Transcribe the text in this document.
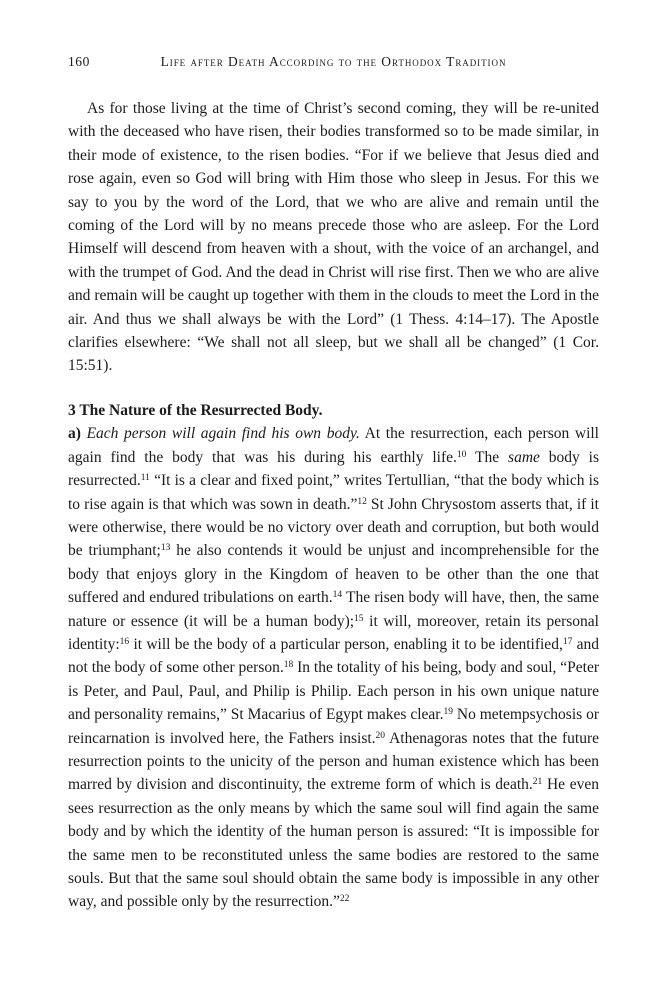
160	Life after Death According to the Orthodox Tradition

As for those living at the time of Christ’s second coming, they will be re-united with the deceased who have risen, their bodies transformed so to be made similar, in their mode of existence, to the risen bodies. “For if we believe that Jesus died and rose again, even so God will bring with Him those who sleep in Jesus. For this we say to you by the word of the Lord, that we who are alive and remain until the coming of the Lord will by no means precede those who are asleep. For the Lord Himself will descend from heaven with a shout, with the voice of an archangel, and with the trumpet of God. And the dead in Christ will rise first. Then we who are alive and remain will be caught up together with them in the clouds to meet the Lord in the air. And thus we shall always be with the Lord” (1 Thess. 4:14–17). The Apostle clarifies elsewhere: “We shall not all sleep, but we shall all be changed” (1 Cor. 15:51).

3 The Nature of the Resurrected Body.

a) Each person will again find his own body. At the resurrection, each person will again find the body that was his during his earthly life.$^{10}$ The same body is resurrected.$^{11}$ “It is a clear and fixed point,” writes Tertullian, “that the body which is to rise again is that which was sown in death.”$^{12}$ St John Chrysostom asserts that, if it were otherwise, there would be no victory over death and corruption, but both would be triumphant;$^{13}$ he also contends it would be unjust and incomprehensible for the body that enjoys glory in the Kingdom of heaven to be other than the one that suffered and endured tribulations on earth.$^{14}$ The risen body will have, then, the same nature or essence (it will be a human body);$^{15}$ it will, moreover, retain its personal identity:$^{16}$ it will be the body of a particular person, enabling it to be identified,$^{17}$ and not the body of some other person.$^{18}$ In the totality of his being, body and soul, “Peter is Peter, and Paul, Paul, and Philip is Philip. Each person in his own unique nature and personality remains,” St Macarius of Egypt makes clear.$^{19}$ No metempsychosis or reincarnation is involved here, the Fathers insist.$^{20}$ Athenagoras notes that the future resurrection points to the unicity of the person and human existence which has been marred by division and discontinuity, the extreme form of which is death.$^{21}$ He even sees resurrection as the only means by which the same soul will find again the same body and by which the identity of the human person is assured: “It is impossible for the same men to be reconstituted unless the same bodies are restored to the same souls. But that the same soul should obtain the same body is impossible in any other way, and possible only by the resurrection.”$^{22}$
